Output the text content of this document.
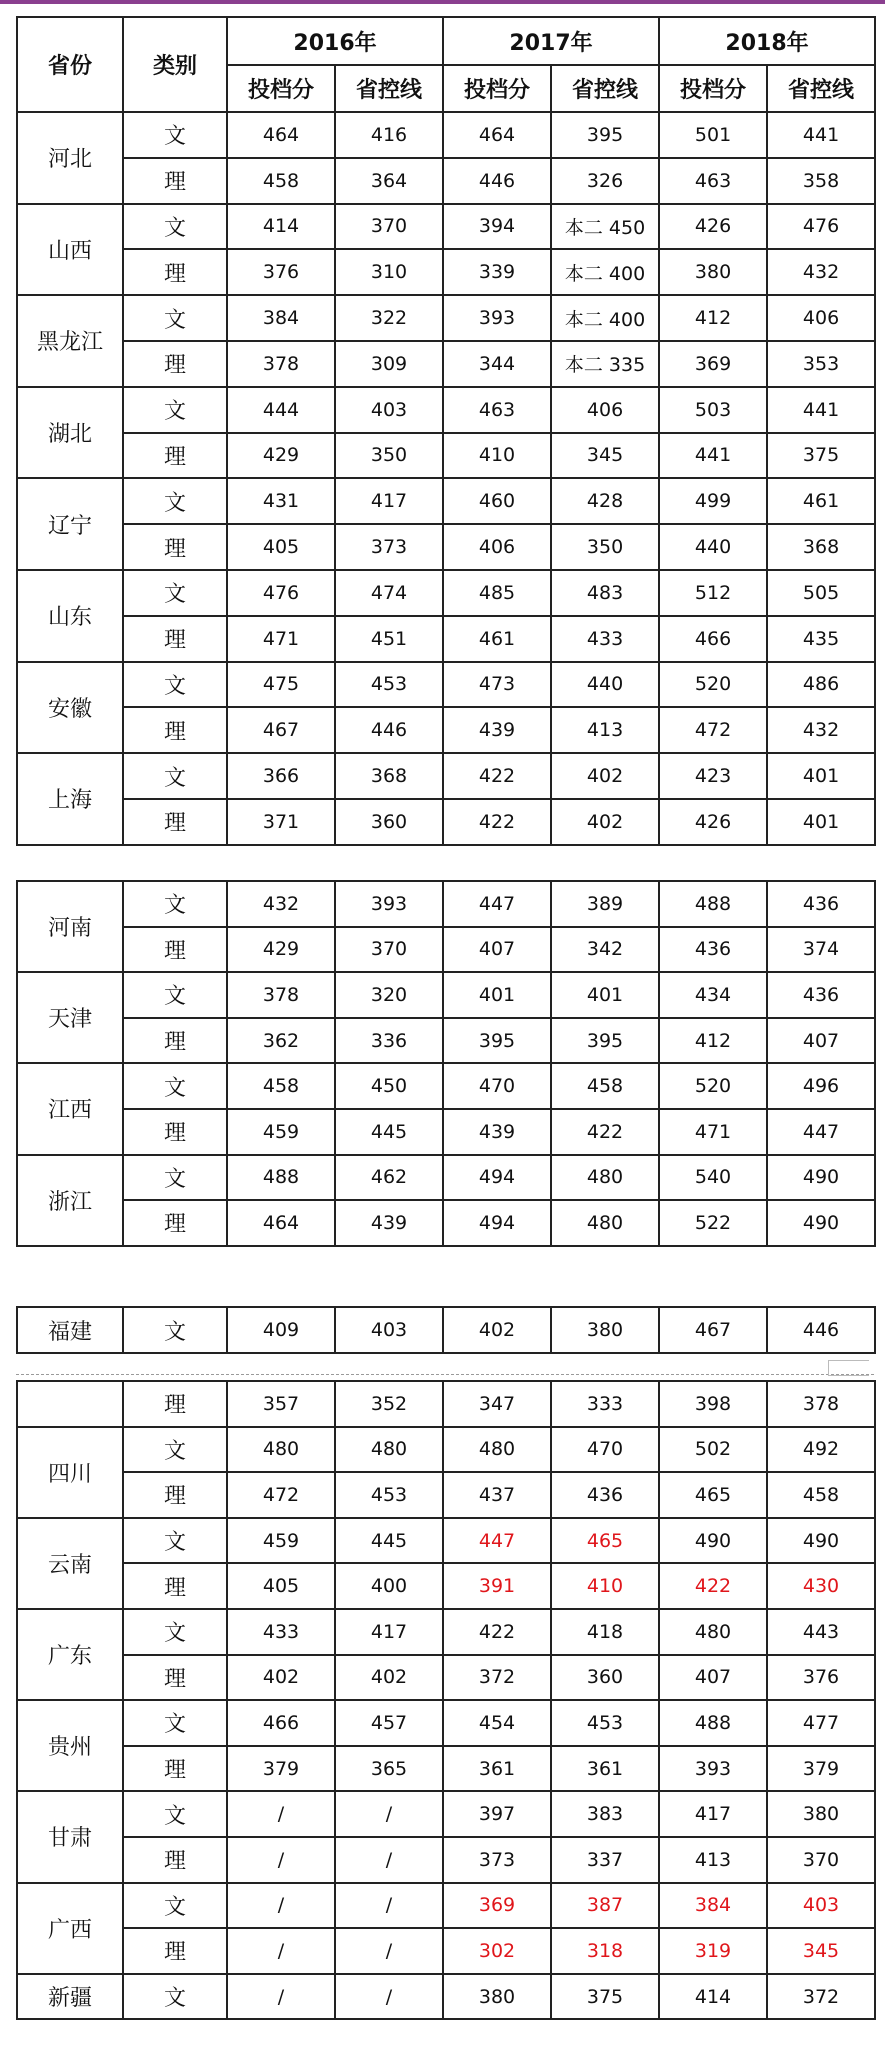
省份	类别	2016年		2017年		2018年	
		投档分	省控线	投档分	省控线	投档分	省控线
河北	文	464	416	464	395	501	441
	理	458	364	446	326	463	358
山西	文	414	370	394	本二 450	426	476
	理	376	310	339	本二 400	380	432
黑龙江	文	384	322	393	本二 400	412	406
	理	378	309	344	本二 335	369	353
湖北	文	444	403	463	406	503	441
	理	429	350	410	345	441	375
辽宁	文	431	417	460	428	499	461
	理	405	373	406	350	440	368
山东	文	476	474	485	483	512	505
	理	471	451	461	433	466	435
安徽	文	475	453	473	440	520	486
	理	467	446	439	413	472	432
上海	文	366	368	422	402	423	401
	理	371	360	422	402	426	401
河南	文	432	393	447	389	488	436
	理	429	370	407	342	436	374
天津	文	378	320	401	401	434	436
	理	362	336	395	395	412	407
江西	文	458	450	470	458	520	496
	理	459	445	439	422	471	447
浙江	文	488	462	494	480	540	490
	理	464	439	494	480	522	490
福建	文	409	403	402	380	467	446
	理	357	352	347	333	398	378
四川	文	480	480	480	470	502	492
	理	472	453	437	436	465	458
云南	文	459	445	447	465	490	490
	理	405	400	391	410	422	430
广东	文	433	417	422	418	480	443
	理	402	402	372	360	407	376
贵州	文	466	457	454	453	488	477
	理	379	365	361	361	393	379
甘肃	文	/	/	397	383	417	380
	理	/	/	373	337	413	370
广西	文	/	/	369	387	384	403
	理	/	/	302	318	319	345
新疆	文	/	/	380	375	414	372
